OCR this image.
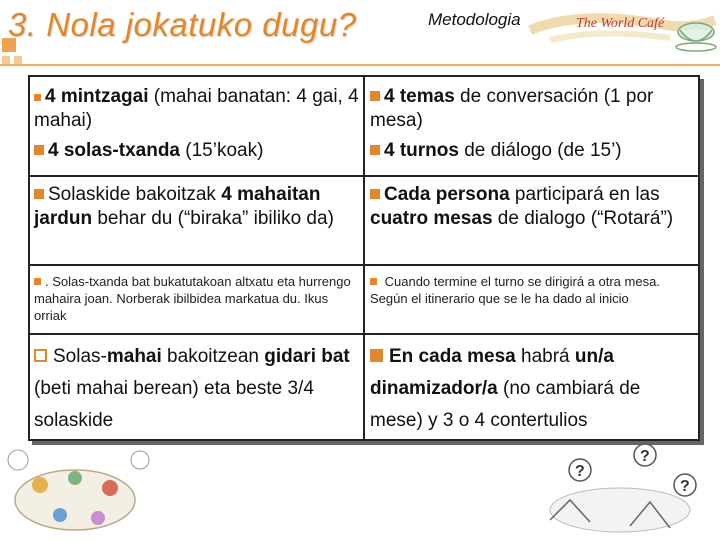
3. Nola jokatuko dugu?	The World Café
Metodologia
4 mintzagai (mahai banatan: 4 gai, 4 mahai)
4 solas-txanda (15’koak)
4 temas de conversación (1 por mesa)
4 turnos de diálogo (de 15’)
Solaskide bakoitzak 4 mahaitan jardun behar du (“biraka” ibiliko da)
Cada persona participará en las cuatro mesas de dialogo (“Rotará”)
. Solas-txanda bat bukatutakoan altxatu eta hurrengo mahaira joan. Norberak ibilbidea markatua du. Ikus orriak
Cuando termine el turno se dirigirá a otra mesa. Según el itinerario que se le ha dado al inicio
Solas-mahai bakoitzean gidari bat (beti mahai berean) eta beste 3/4 solaskide
En cada mesa habrá un/a dinamizador/a (no cambiará de mese) y 3 o 4 contertulios
?
?
?
